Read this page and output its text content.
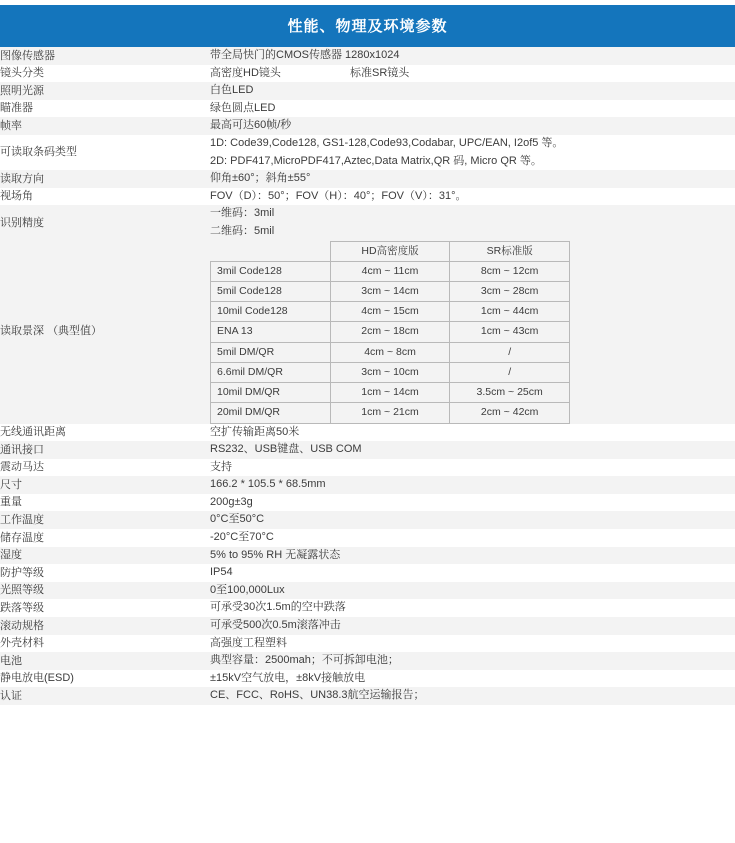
性能、物理及环境参数
图像传感器	带全局快门的CMOS传感器 1280x1024

镜头分类	高密度HD镜头	标准SR镜头

照明光源	白色LED

瞄准器	绿色圆点LED

帧率	最高可达60帧/秒

可读取条码类型	
1D: Code39,Code128, GS1-128,Code93,Codabar, UPC/EAN, I2of5 等。
2D: PDF417,MicroPDF417,Aztec,Data Matrix,QR 码, Micro QR 等。

读取方向	仰角±60°；斜角±55°

视场角	FOV（D）：50°；FOV（H）：40°；FOV（V）：31°。

识别精度	
一维码：3mil
二维码：5mil

读取景深 （典型值）

	HD高密度版	SR标准版
3mil Code128	4cm ~ 11cm	8cm ~ 12cm
5mil Code128	3cm ~ 14cm	3cm ~ 28cm
10mil Code128	4cm ~ 15cm	1cm ~ 44cm
ENA 13	2cm ~ 18cm	1cm ~ 43cm
5mil DM/QR	4cm ~ 8cm	/
6.6mil DM/QR	3cm ~ 10cm	/
10mil DM/QR	1cm ~ 14cm	3.5cm ~ 25cm
20mil DM/QR	1cm ~ 21cm	2cm ~ 42cm

无线通讯距离	空扩传输距离50米

通讯接口	RS232、USB键盘、USB COM

震动马达	支持

尺寸	166.2 * 105.5 * 68.5mm

重量	200g±3g

工作温度	0°C至50°C

储存温度	-20°C至70°C

湿度	5% to 95% RH 无凝露状态

防护等级	IP54

光照等级	0至100,000Lux

跌落等级	可承受30次1.5m的空中跌落

滚动规格	可承受500次0.5m滚落冲击

外壳材料	高强度工程塑料

电池	典型容量：2500mah；不可拆卸电池；

静电放电(ESD)	±15kV空气放电，±8kV接触放电

认证	CE、FCC、RoHS、UN38.3航空运输报告；
